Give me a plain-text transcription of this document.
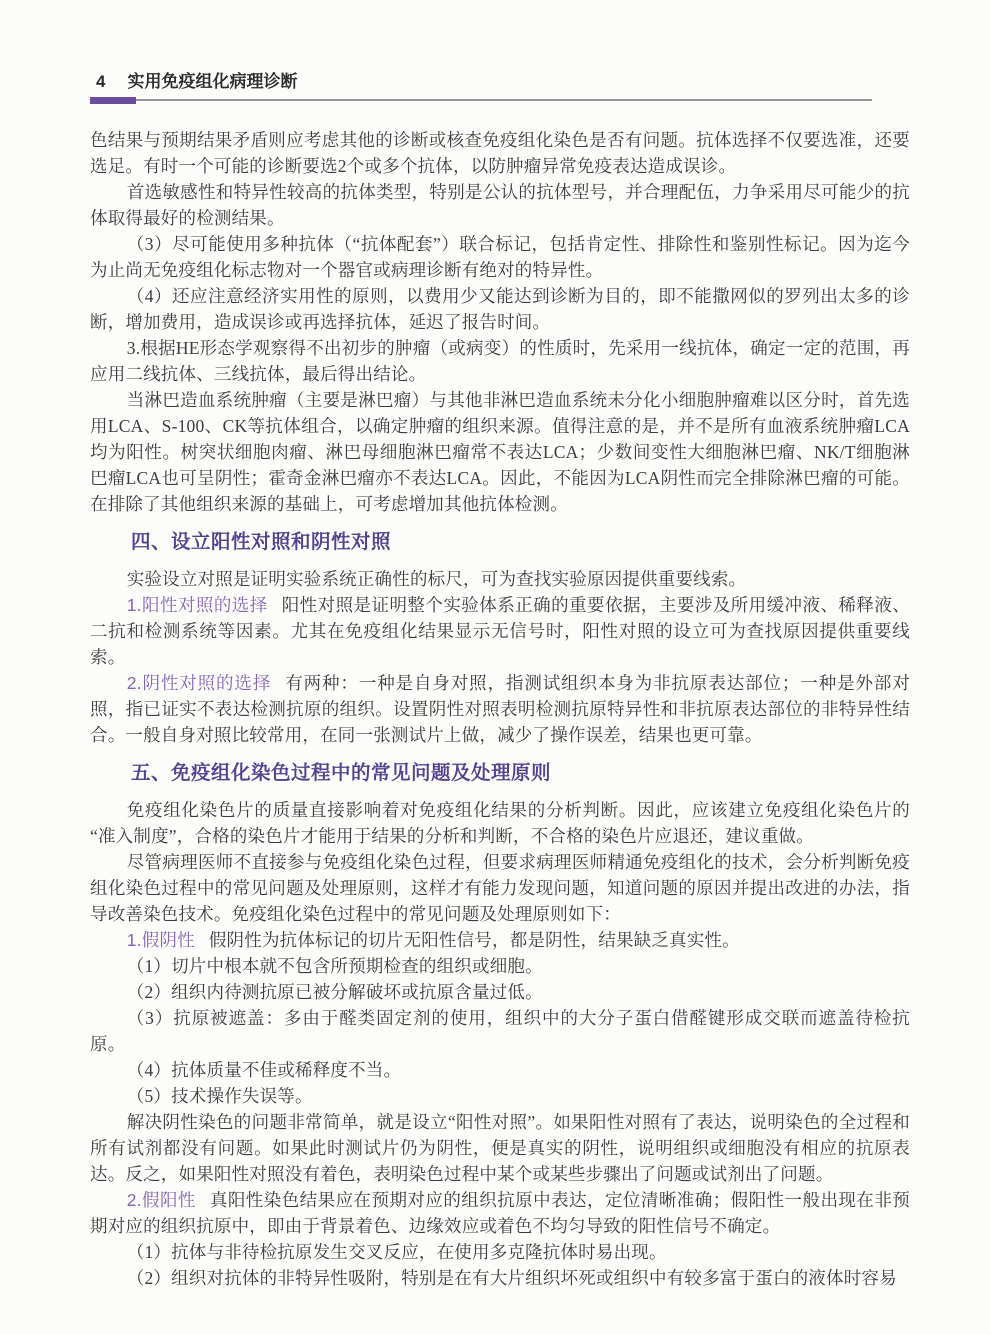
4 实用免疫组化病理诊断

色结果与预期结果矛盾则应考虑其他的诊断或核查免疫组化染色是否有问题。抗体选择不仅要选准，还要选足。有时一个可能的诊断要选2个或多个抗体，以防肿瘤异常免疫表达造成误诊。

首选敏感性和特异性较高的抗体类型，特别是公认的抗体型号，并合理配伍，力争采用尽可能少的抗体取得最好的检测结果。

（3）尽可能使用多种抗体（“抗体配套”）联合标记，包括肯定性、排除性和鉴别性标记。因为迄今为止尚无免疫组化标志物对一个器官或病理诊断有绝对的特异性。

（4）还应注意经济实用性的原则，以费用少又能达到诊断为目的，即不能撒网似的罗列出太多的诊断，增加费用，造成误诊或再选择抗体，延迟了报告时间。

3.根据HE形态学观察得不出初步的肿瘤（或病变）的性质时，先采用一线抗体，确定一定的范围，再应用二线抗体、三线抗体，最后得出结论。

当淋巴造血系统肿瘤（主要是淋巴瘤）与其他非淋巴造血系统未分化小细胞肿瘤难以区分时，首先选用LCA、S-100、CK等抗体组合，以确定肿瘤的组织来源。值得注意的是，并不是所有血液系统肿瘤LCA均为阳性。树突状细胞肉瘤、淋巴母细胞淋巴瘤常不表达LCA；少数间变性大细胞淋巴瘤、NK/T细胞淋巴瘤LCA也可呈阴性；霍奇金淋巴瘤亦不表达LCA。因此，不能因为LCA阴性而完全排除淋巴瘤的可能。在排除了其他组织来源的基础上，可考虑增加其他抗体检测。

四、设立阳性对照和阴性对照

实验设立对照是证明实验系统正确性的标尺，可为查找实验原因提供重要线索。

1.阳性对照的选择 阳性对照是证明整个实验体系正确的重要依据，主要涉及所用缓冲液、稀释液、二抗和检测系统等因素。尤其在免疫组化结果显示无信号时，阳性对照的设立可为查找原因提供重要线索。

2.阴性对照的选择 有两种：一种是自身对照，指测试组织本身为非抗原表达部位；一种是外部对照，指已证实不表达检测抗原的组织。设置阴性对照表明检测抗原特异性和非抗原表达部位的非特异性结合。一般自身对照比较常用，在同一张测试片上做，减少了操作误差，结果也更可靠。

五、免疫组化染色过程中的常见问题及处理原则

免疫组化染色片的质量直接影响着对免疫组化结果的分析判断。因此，应该建立免疫组化染色片的“准入制度”，合格的染色片才能用于结果的分析和判断，不合格的染色片应退还，建议重做。

尽管病理医师不直接参与免疫组化染色过程，但要求病理医师精通免疫组化的技术，会分析判断免疫组化染色过程中的常见问题及处理原则，这样才有能力发现问题，知道问题的原因并提出改进的办法，指导改善染色技术。免疫组化染色过程中的常见问题及处理原则如下：

1.假阴性 假阴性为抗体标记的切片无阳性信号，都是阴性，结果缺乏真实性。

（1）切片中根本就不包含所预期检查的组织或细胞。

（2）组织内待测抗原已被分解破坏或抗原含量过低。

（3）抗原被遮盖：多由于醛类固定剂的使用，组织中的大分子蛋白借醛键形成交联而遮盖待检抗原。

（4）抗体质量不佳或稀释度不当。

（5）技术操作失误等。

解决阴性染色的问题非常简单，就是设立“阳性对照”。如果阳性对照有了表达，说明染色的全过程和所有试剂都没有问题。如果此时测试片仍为阴性，便是真实的阴性，说明组织或细胞没有相应的抗原表达。反之，如果阳性对照没有着色，表明染色过程中某个或某些步骤出了问题或试剂出了问题。

2.假阳性 真阳性染色结果应在预期对应的组织抗原中表达，定位清晰准确；假阳性一般出现在非预期对应的组织抗原中，即由于背景着色、边缘效应或着色不均匀导致的阳性信号不确定。

（1）抗体与非待检抗原发生交叉反应，在使用多克隆抗体时易出现。

（2）组织对抗体的非特异性吸附，特别是在有大片组织坏死或组织中有较多富于蛋白的液体时容易
